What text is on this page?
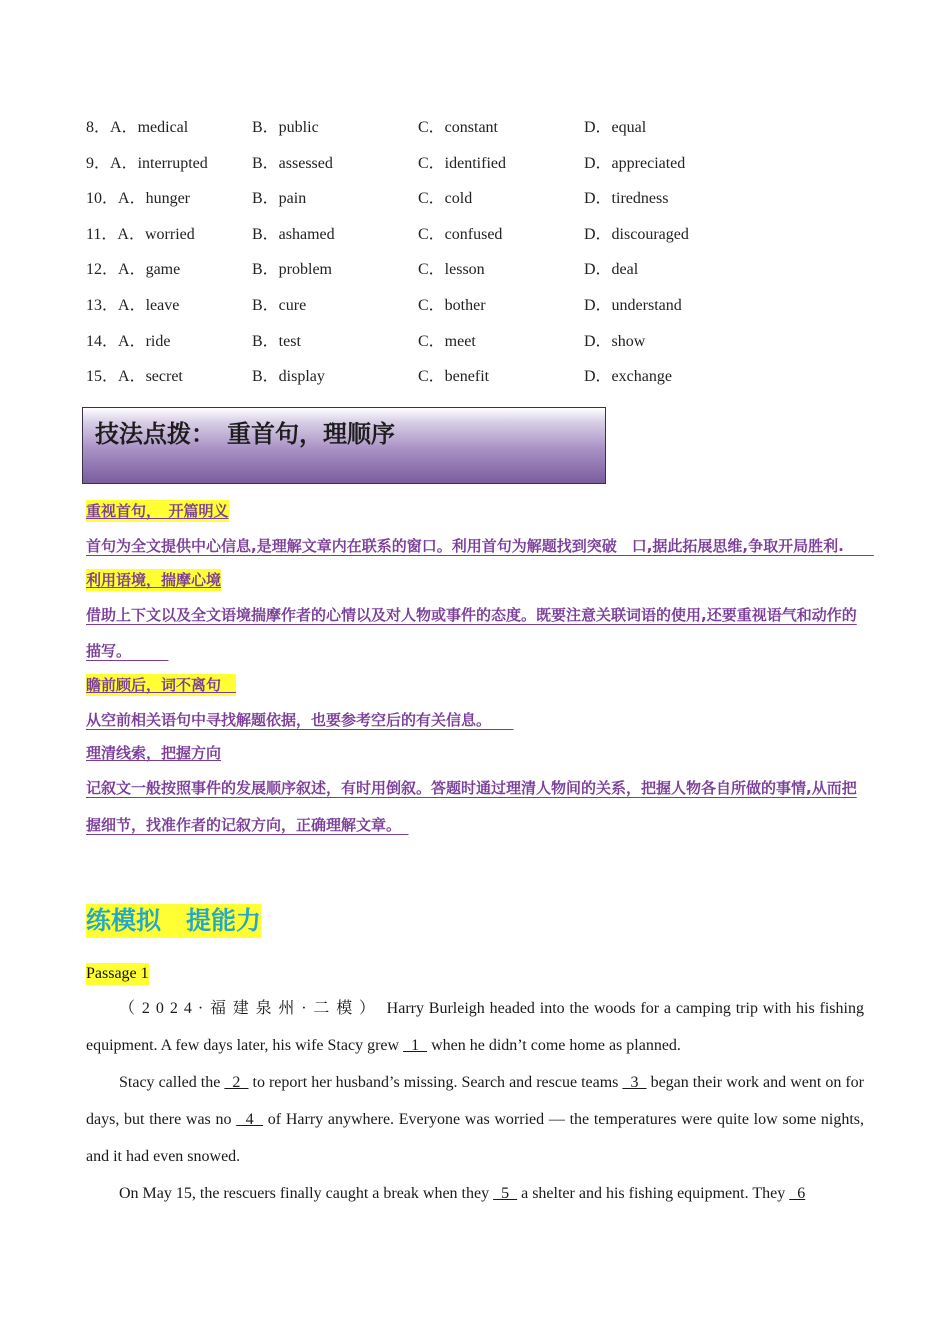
8．A．medical	B．public	C．constant	D．equal
9．A．interrupted	B．assessed	C．identified	D．appreciated
10．A．hunger	B．pain	C．cold	D．tiredness
11．A．worried	B．ashamed	C．confused	D．discouraged
12．A．game	B．problem	C．lesson	D．deal
13．A．leave	B．cure	C．bother	D．understand
14．A．ride	B．test	C．meet	D．show
15．A．secret	B．display	C．benefit	D．exchange
技法点拨：　重首句，理顺序
重视首句，　开篇明义
首句为全文提供中心信息,是理解文章内在联系的窗口。利用首句为解题找到突破　口,据此拓展思维,争取开局胜利.　　
利用语境，揣摩心境
借助上下文以及全文语境揣摩作者的心情以及对人物或事件的态度。既要注意关联词语的使用,还要重视语气和动作的描写。　　　
瞻前顾后，词不离句　
从空前相关语句中寻找解题依据，也要参考空后的有关信息。　　
理清线索，把握方向
记叙文一般按照事件的发展顺序叙述，有时用倒叙。答题时通过理清人物间的关系，把握人物各自所做的事情,从而把握细节，找准作者的记叙方向，正确理解文章。　
练模拟　提能力
Passage 1

（2024·福建泉州·二模） Harry Burleigh headed into the woods for a camping trip with his fishing equipment. A few days later, his wife Stacy grew   1   when he didn’t come home as planned.

Stacy called the   2   to report her husband’s missing. Search and rescue teams   3   began their work and went on for days, but there was no   4   of Harry anywhere. Everyone was worried — the temperatures were quite low some nights, and it had even snowed.

On May 15, the rescuers finally caught a break when they   5   a shelter and his fishing equipment. They   6
